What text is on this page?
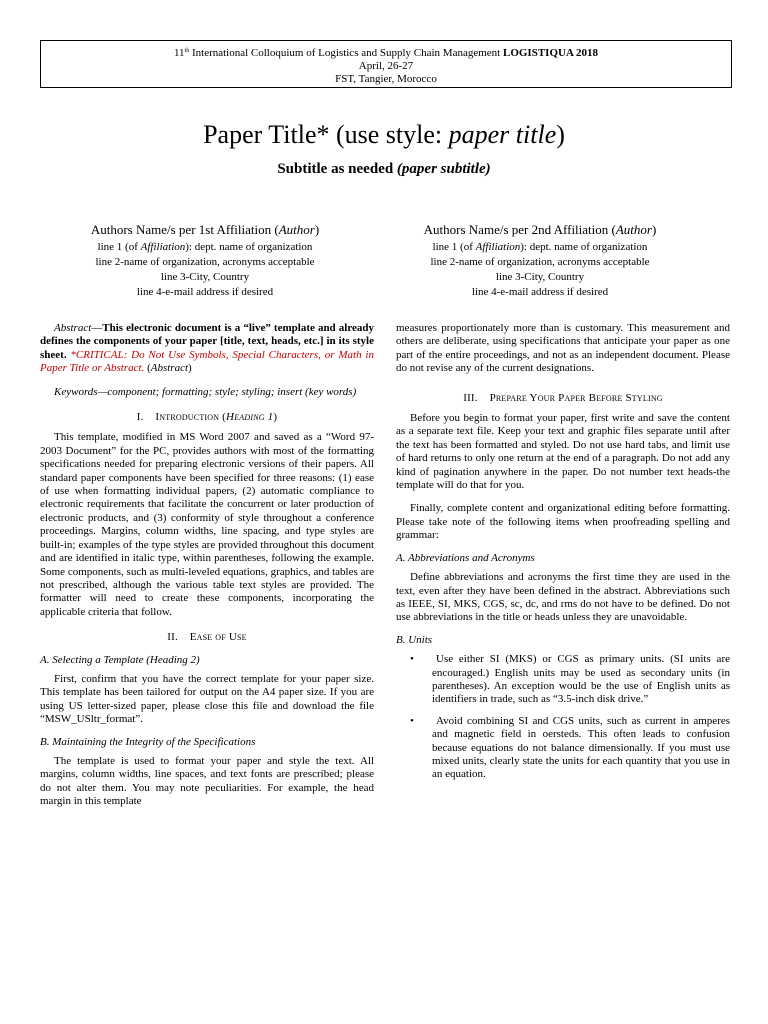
11th International Colloquium of Logistics and Supply Chain Management LOGISTIQUA 2018
April, 26-27
FST, Tangier, Morocco
Paper Title* (use style: paper title)
Subtitle as needed (paper subtitle)
Authors Name/s per 1st Affiliation (Author)
line 1 (of Affiliation): dept. name of organization
line 2-name of organization, acronyms acceptable
line 3-City, Country
line 4-e-mail address if desired
Authors Name/s per 2nd Affiliation (Author)
line 1 (of Affiliation): dept. name of organization
line 2-name of organization, acronyms acceptable
line 3-City, Country
line 4-e-mail address if desired

Abstract—This electronic document is a “live” template and already defines the components of your paper [title, text, heads, etc.] in its style sheet. *CRITICAL: Do Not Use Symbols, Special Characters, or Math in Paper Title or Abstract. (Abstract)

Keywords—component; formatting; style; styling; insert (key words)

I. Introduction (Heading 1)

This template, modified in MS Word 2007 and saved as a “Word 97-2003 Document” for the PC, provides authors with most of the formatting specifications needed for preparing electronic versions of their papers. All standard paper components have been specified for three reasons: (1) ease of use when formatting individual papers, (2) automatic compliance to electronic requirements that facilitate the concurrent or later production of electronic products, and (3) conformity of style throughout a conference proceedings. Margins, column widths, line spacing, and type styles are built-in; examples of the type styles are provided throughout this document and are identified in italic type, within parentheses, following the example. Some components, such as multi-leveled equations, graphics, and tables are not prescribed, although the various table text styles are provided. The formatter will need to create these components, incorporating the applicable criteria that follow.

II. Ease of Use
A. Selecting a Template (Heading 2)

First, confirm that you have the correct template for your paper size. This template has been tailored for output on the A4 paper size. If you are using US letter-sized paper, please close this file and download the file “MSW_USltr_format”.

B. Maintaining the Integrity of the Specifications

The template is used to format your paper and style the text. All margins, column widths, line spaces, and text fonts are prescribed; please do not alter them. You may note peculiarities. For example, the head margin in this template

measures proportionately more than is customary. This measurement and others are deliberate, using specifications that anticipate your paper as one part of the entire proceedings, and not as an independent document. Please do not revise any of the current designations.

III. Prepare Your Paper Before Styling

Before you begin to format your paper, first write and save the content as a separate text file. Keep your text and graphic files separate until after the text has been formatted and styled. Do not use hard tabs, and limit use of hard returns to only one return at the end of a paragraph. Do not add any kind of pagination anywhere in the paper. Do not number text heads-the template will do that for you.

Finally, complete content and organizational editing before formatting. Please take note of the following items when proofreading spelling and grammar:

A. Abbreviations and Acronyms

Define abbreviations and acronyms the first time they are used in the text, even after they have been defined in the abstract. Abbreviations such as IEEE, SI, MKS, CGS, sc, dc, and rms do not have to be defined. Do not use abbreviations in the title or heads unless they are unavoidable.

B. Units
•	Use either SI (MKS) or CGS as primary units. (SI units are encouraged.) English units may be used as secondary units (in parentheses). An exception would be the use of English units as identifiers in trade, such as “3.5-inch disk drive.”
•	Avoid combining SI and CGS units, such as current in amperes and magnetic field in oersteds. This often leads to confusion because equations do not balance dimensionally. If you must use mixed units, clearly state the units for each quantity that you use in an equation.
